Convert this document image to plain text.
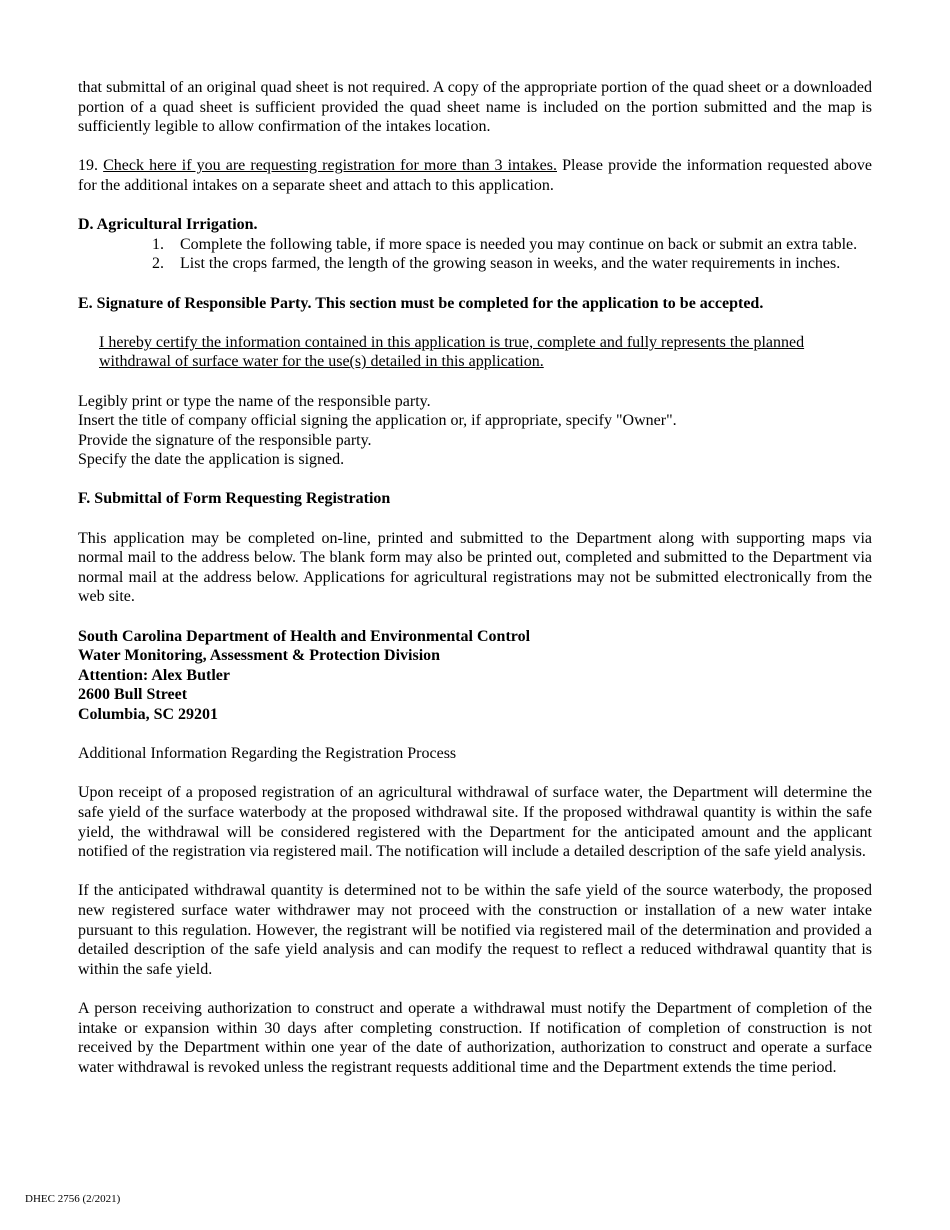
that submittal of an original quad sheet is not required. A copy of the appropriate portion of the quad sheet or a downloaded portion of a quad sheet is sufficient provided the quad sheet name is included on the portion submitted and the map is sufficiently legible to allow confirmation of the intakes location.

19. Check here if you are requesting registration for more than 3 intakes. Please provide the information requested above for the additional intakes on a separate sheet and attach to this application.

D. Agricultural Irrigation.

1. Complete the following table, if more space is needed you may continue on back or submit an extra table.
2. List the crops farmed, the length of the growing season in weeks, and the water requirements in inches.

E. Signature of Responsible Party. This section must be completed for the application to be accepted.

I hereby certify the information contained in this application is true, complete and fully represents the planned withdrawal of surface water for the use(s) detailed in this application.

Legibly print or type the name of the responsible party.

Insert the title of company official signing the application or, if appropriate, specify "Owner".

Provide the signature of the responsible party.

Specify the date the application is signed.

F. Submittal of Form Requesting Registration

This application may be completed on-line, printed and submitted to the Department along with supporting maps via normal mail to the address below. The blank form may also be printed out, completed and submitted to the Department via normal mail at the address below. Applications for agricultural registrations may not be submitted electronically from the web site.

South Carolina Department of Health and Environmental Control

Water Monitoring, Assessment & Protection Division

Attention: Alex Butler

2600 Bull Street

Columbia, SC 29201

Additional Information Regarding the Registration Process

Upon receipt of a proposed registration of an agricultural withdrawal of surface water, the Department will determine the safe yield of the surface waterbody at the proposed withdrawal site. If the proposed withdrawal quantity is within the safe yield, the withdrawal will be considered registered with the Department for the anticipated amount and the applicant notified of the registration via registered mail. The notification will include a detailed description of the safe yield analysis.

If the anticipated withdrawal quantity is determined not to be within the safe yield of the source waterbody, the proposed new registered surface water withdrawer may not proceed with the construction or installation of a new water intake pursuant to this regulation. However, the registrant will be notified via registered mail of the determination and provided a detailed description of the safe yield analysis and can modify the request to reflect a reduced withdrawal quantity that is within the safe yield.

A person receiving authorization to construct and operate a withdrawal must notify the Department of completion of the intake or expansion within 30 days after completing construction. If notification of completion of construction is not received by the Department within one year of the date of authorization, authorization to construct and operate a surface water withdrawal is revoked unless the registrant requests additional time and the Department extends the time period.

DHEC 2756 (2/2021)
